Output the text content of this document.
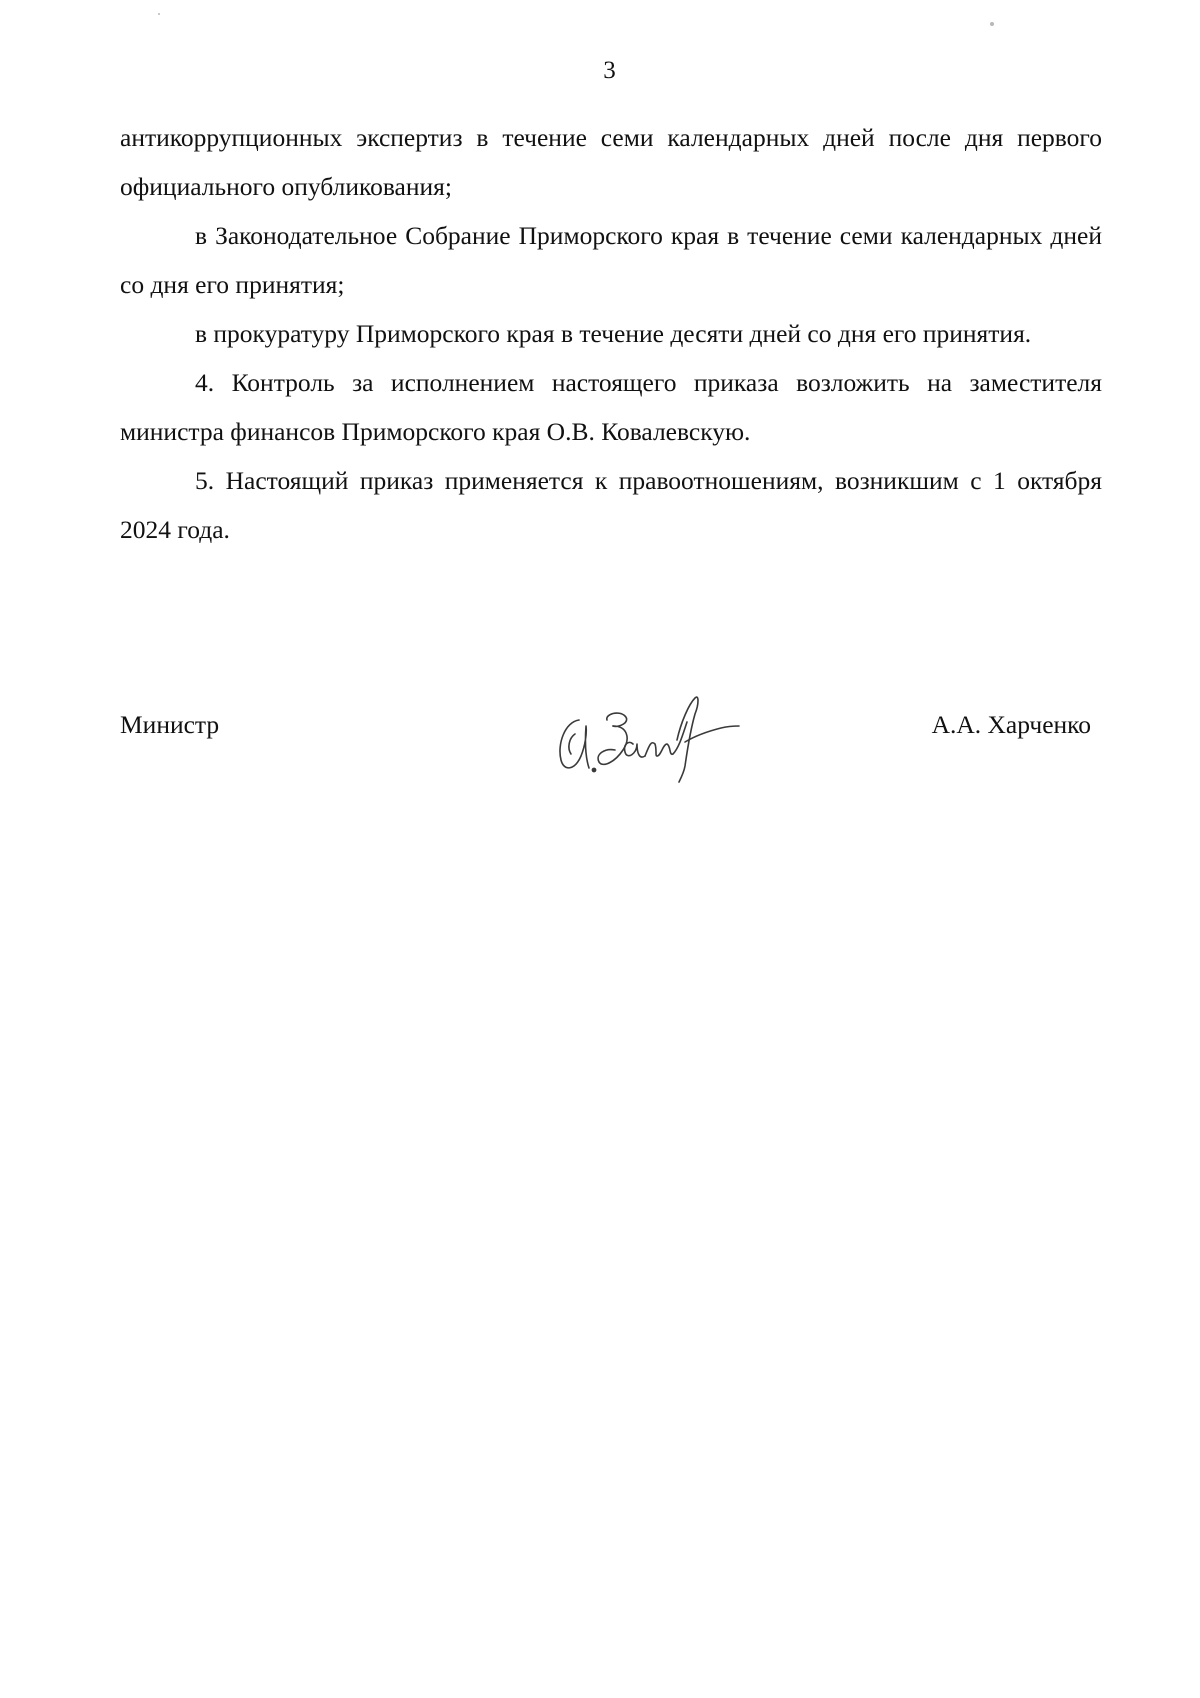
3

антикоррупционных экспертиз в течение семи календарных дней после дня первого официального опубликования;

в Законодательное Собрание Приморского края в течение семи календарных дней со дня его принятия;

в прокуратуру Приморского края в течение десяти дней со дня его принятия.

4. Контроль за исполнением настоящего приказа возложить на заместителя министра финансов Приморского края О.В. Ковалевскую.

5. Настоящий приказ применяется к правоотношениям, возникшим с 1 октября 2024 года.

Министр	А.А. Харченко
